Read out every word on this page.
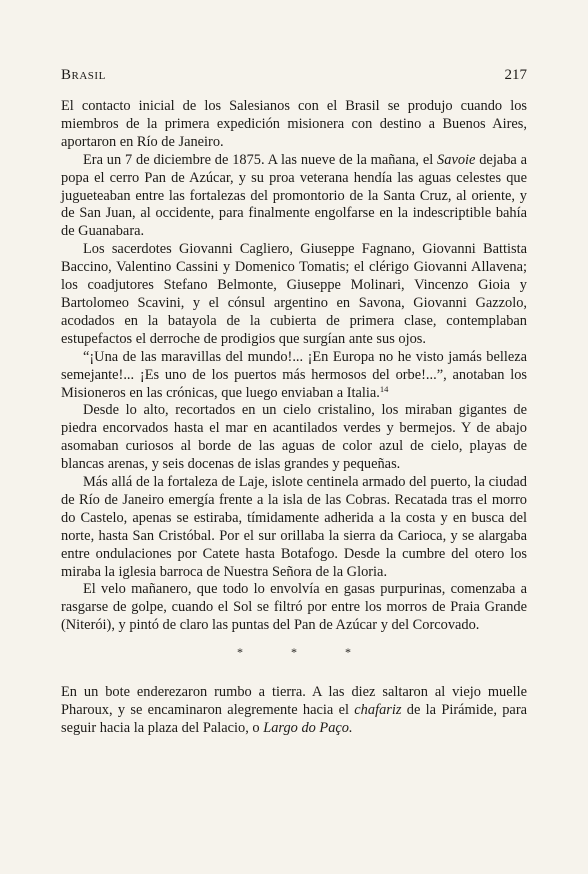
Brasil	217

El contacto inicial de los Salesianos con el Brasil se produjo cuando los miembros de la primera expedición misionera con destino a Buenos Aires, aportaron en Río de Janeiro.

Era un 7 de diciembre de 1875. A las nueve de la mañana, el Savoie dejaba a popa el cerro Pan de Azúcar, y su proa veterana hendía las aguas celestes que jugueteaban entre las fortalezas del promontorio de la Santa Cruz, al oriente, y de San Juan, al occidente, para finalmente engolfarse en la indescriptible bahía de Guanabara.

Los sacerdotes Giovanni Cagliero, Giuseppe Fagnano, Giovanni Battista Baccino, Valentino Cassini y Domenico Tomatis; el clérigo Giovanni Allavena; los coadjutores Stefano Belmonte, Giuseppe Molinari, Vincenzo Gioia y Bartolomeo Scavini, y el cónsul argentino en Savona, Giovanni Gazzolo, acodados en la batayola de la cubierta de primera clase, contemplaban estupefactos el derroche de prodigios que surgían ante sus ojos.

“¡Una de las maravillas del mundo!... ¡En Europa no he visto jamás belleza semejante!... ¡Es uno de los puertos más hermosos del orbe!...”, anotaban los Misioneros en las crónicas, que luego enviaban a Italia.$^{14}$

Desde lo alto, recortados en un cielo cristalino, los miraban gigantes de piedra encorvados hasta el mar en acantilados verdes y bermejos. Y de abajo asomaban curiosos al borde de las aguas de color azul de cielo, playas de blancas arenas, y seis docenas de islas grandes y pequeñas.

Más allá de la fortaleza de Laje, islote centinela armado del puerto, la ciudad de Río de Janeiro emergía frente a la isla de las Cobras. Recatada tras el morro do Castelo, apenas se estiraba, tímidamente adherida a la costa y en busca del norte, hasta San Cristóbal. Por el sur orillaba la sierra da Carioca, y se alargaba entre ondulaciones por Catete hasta Botafogo. Desde la cumbre del otero los miraba la iglesia barroca de Nuestra Señora de la Gloria.

El velo mañanero, que todo lo envolvía en gasas purpurinas, comenzaba a rasgarse de golpe, cuando el Sol se filtró por entre los morros de Praia Grande (Niterói), y pintó de claro las puntas del Pan de Azúcar y del Corcovado.

*	*	*

En un bote enderezaron rumbo a tierra. A las diez saltaron al viejo muelle Pharoux, y se encaminaron alegremente hacia el chafariz de la Pirámide, para seguir hacia la plaza del Palacio, o Largo do Paço.
